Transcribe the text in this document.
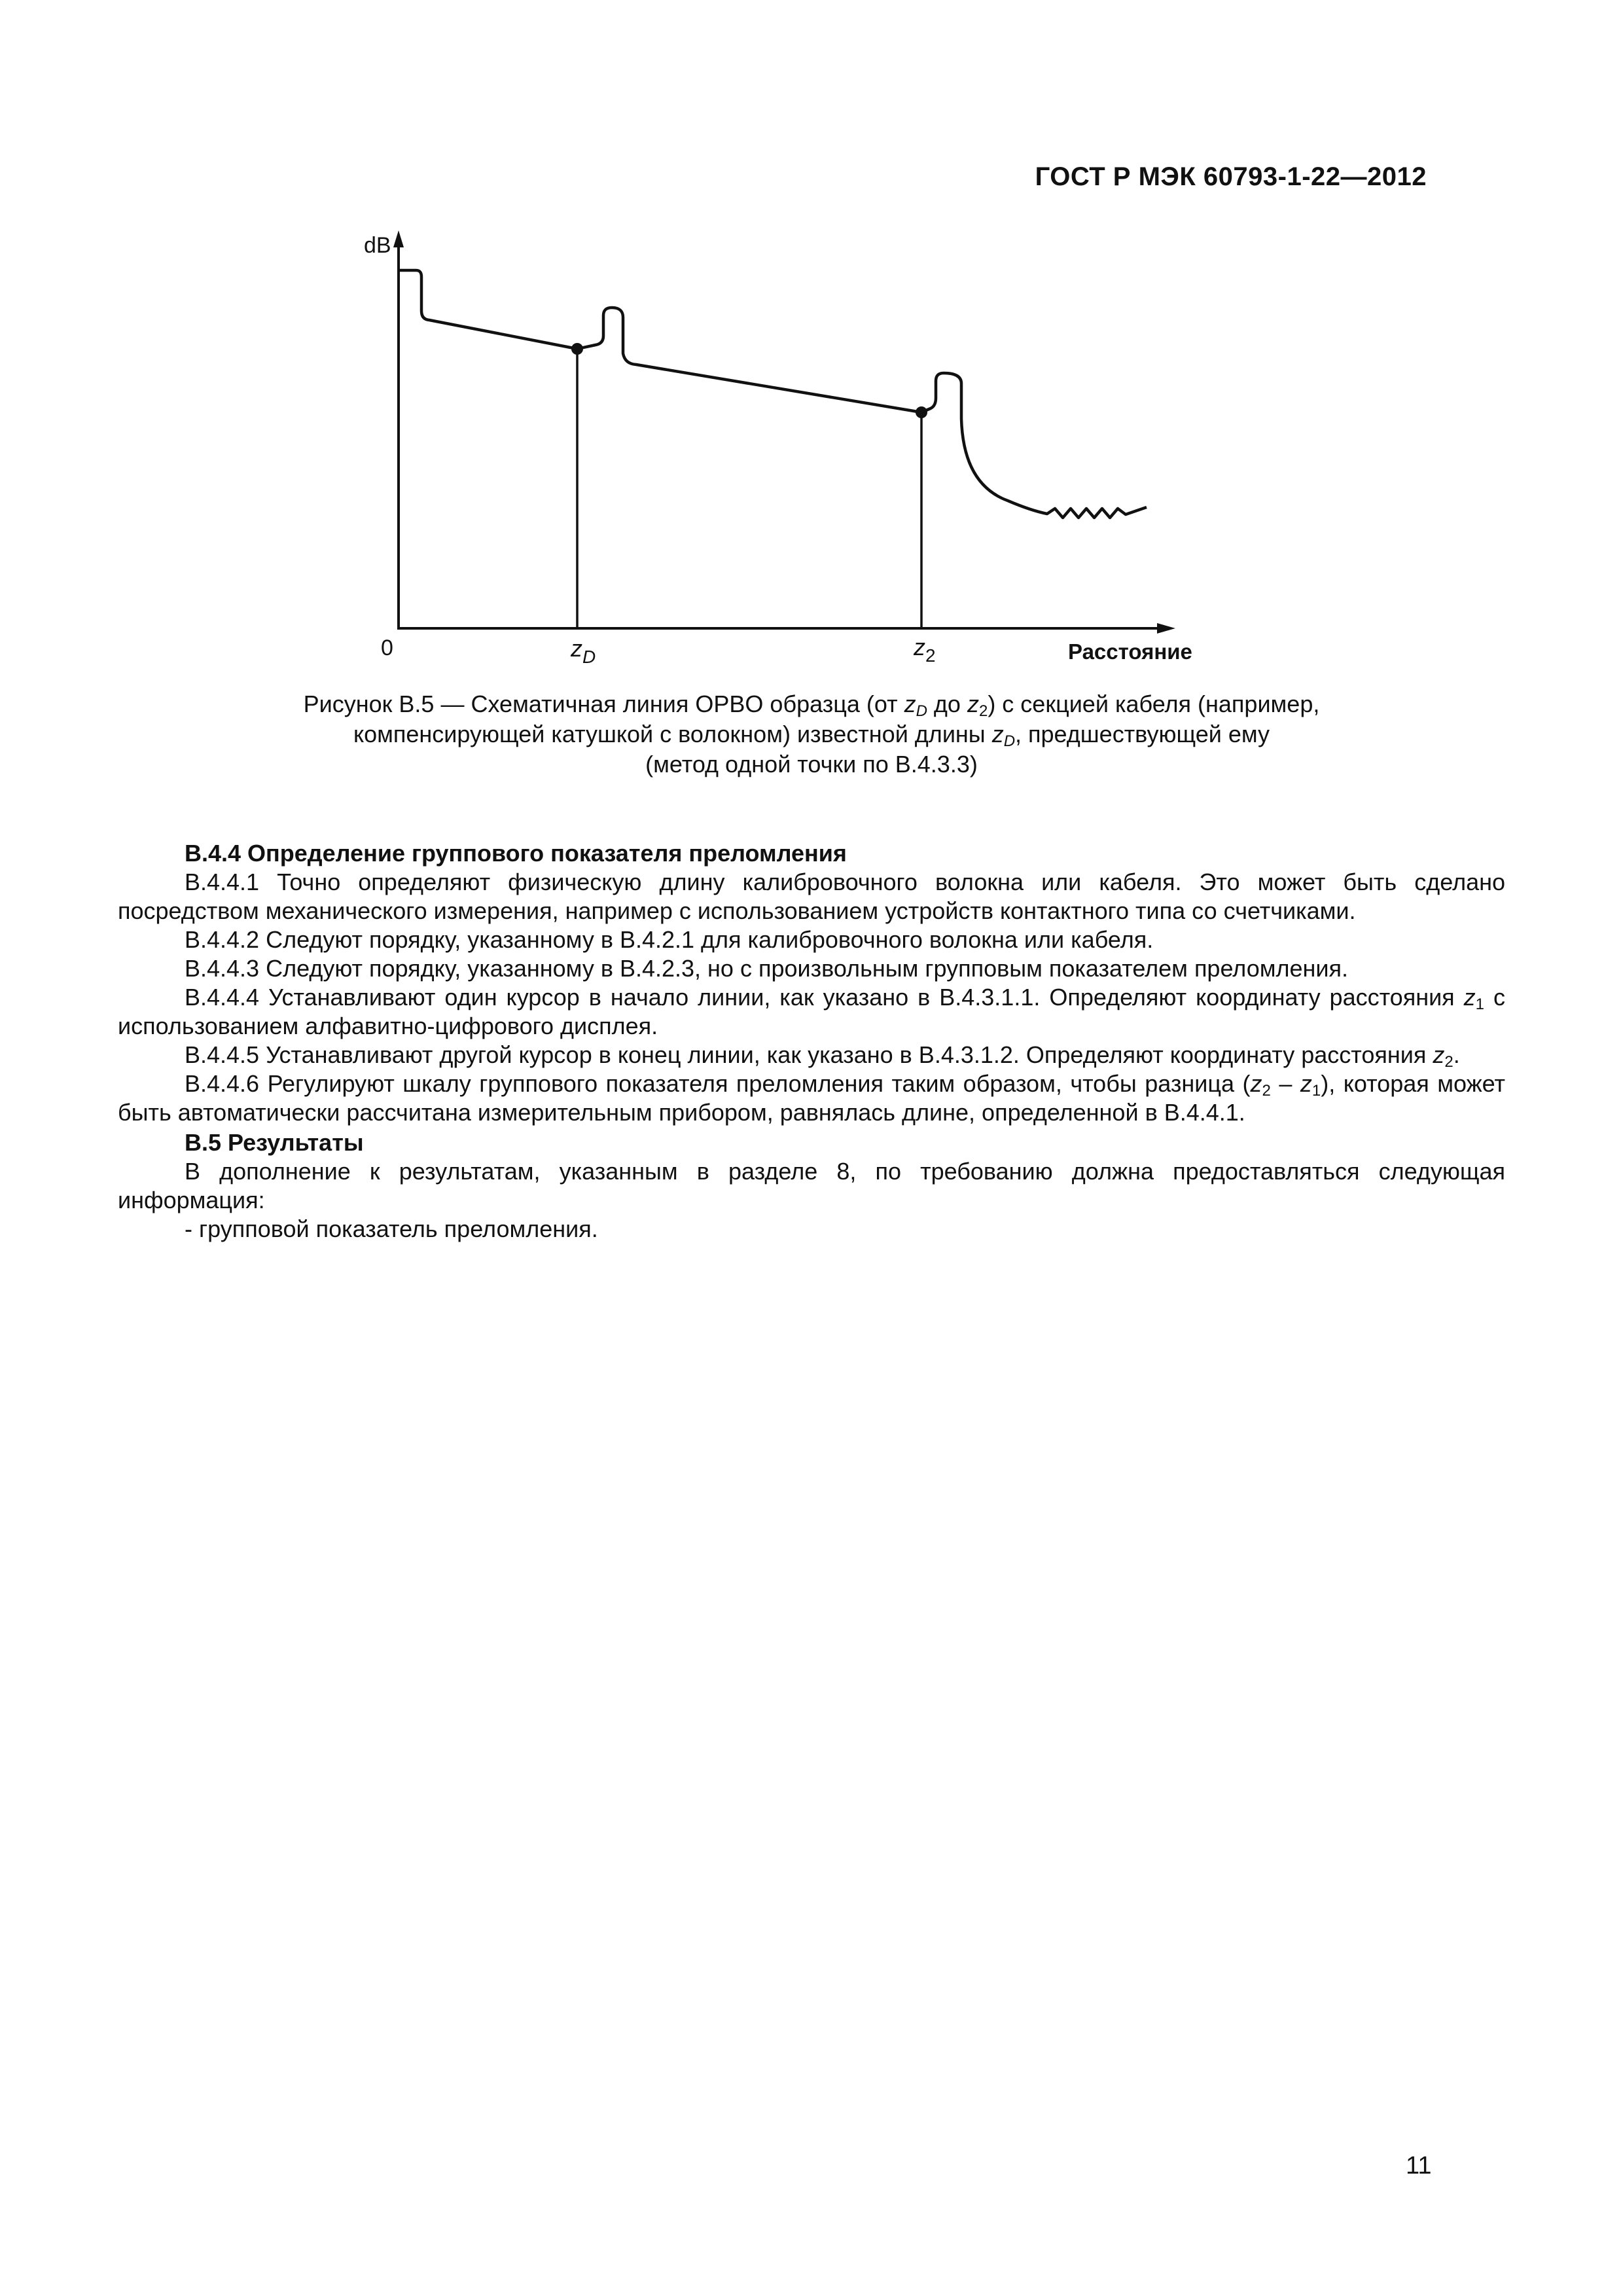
ГОСТ Р МЭК 60793-1-22—2012
dB
0	$z_D$	$z_2$	Расстояние
Рисунок B.5 — Схематичная линия OPBO образца (от $z_D$ до $z_2$) с секцией кабеля (например,
компенсирующей катушкой с волокном) известной длины $z_D$, предшествующей ему
(метод одной точки по B.4.3.3)

B.4.4 Определение группового показателя преломления

B.4.4.1 Точно определяют физическую длину калибровочного волокна или кабеля. Это может быть сделано посредством механического измерения, например с использованием устройств контактного типа со счетчиками.

B.4.4.2 Следуют порядку, указанному в B.4.2.1 для калибровочного волокна или кабеля.

B.4.4.3 Следуют порядку, указанному в B.4.2.3, но с произвольным групповым показателем преломления.

B.4.4.4 Устанавливают один курсор в начало линии, как указано в B.4.3.1.1. Определяют координату расстояния $z_1$ с использованием алфавитно-цифрового дисплея.

B.4.4.5 Устанавливают другой курсор в конец линии, как указано в B.4.3.1.2. Определяют координату расстояния $z_2$.

B.4.4.6 Регулируют шкалу группового показателя преломления таким образом, чтобы разница $(z_2 - z_1)$, которая может быть автоматически рассчитана измерительным прибором, равнялась длине, определенной в B.4.4.1.

B.5 Результаты

В дополнение к результатам, указанным в разделе 8, по требованию должна предоставляться следующая информация:

- групповой показатель преломления.

11
